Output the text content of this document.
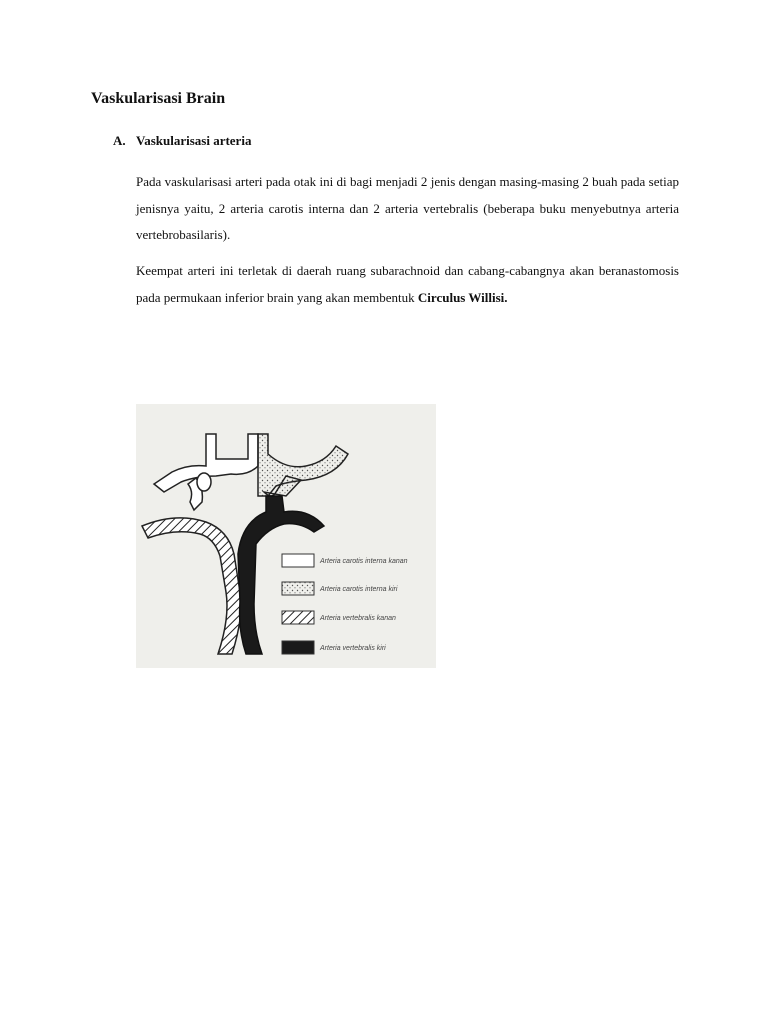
Vaskularisasi Brain
A. Vaskularisasi arteria

Pada vaskularisasi arteri pada otak ini di bagi menjadi 2 jenis dengan masing-masing 2 buah pada setiap jenisnya yaitu, 2 arteria carotis interna dan 2 arteria vertebralis (beberapa buku menyebutnya arteria vertebrobasilaris).

Keempat arteri ini terletak di daerah ruang subarachnoid dan cabang-cabangnya akan beranastomosis pada permukaan inferior brain yang akan membentuk Circulus Willisi.

Arteria carotis interna kanan
Arteria carotis interna kiri
Arteria vertebralis kanan
Arteria vertebralis kiri
